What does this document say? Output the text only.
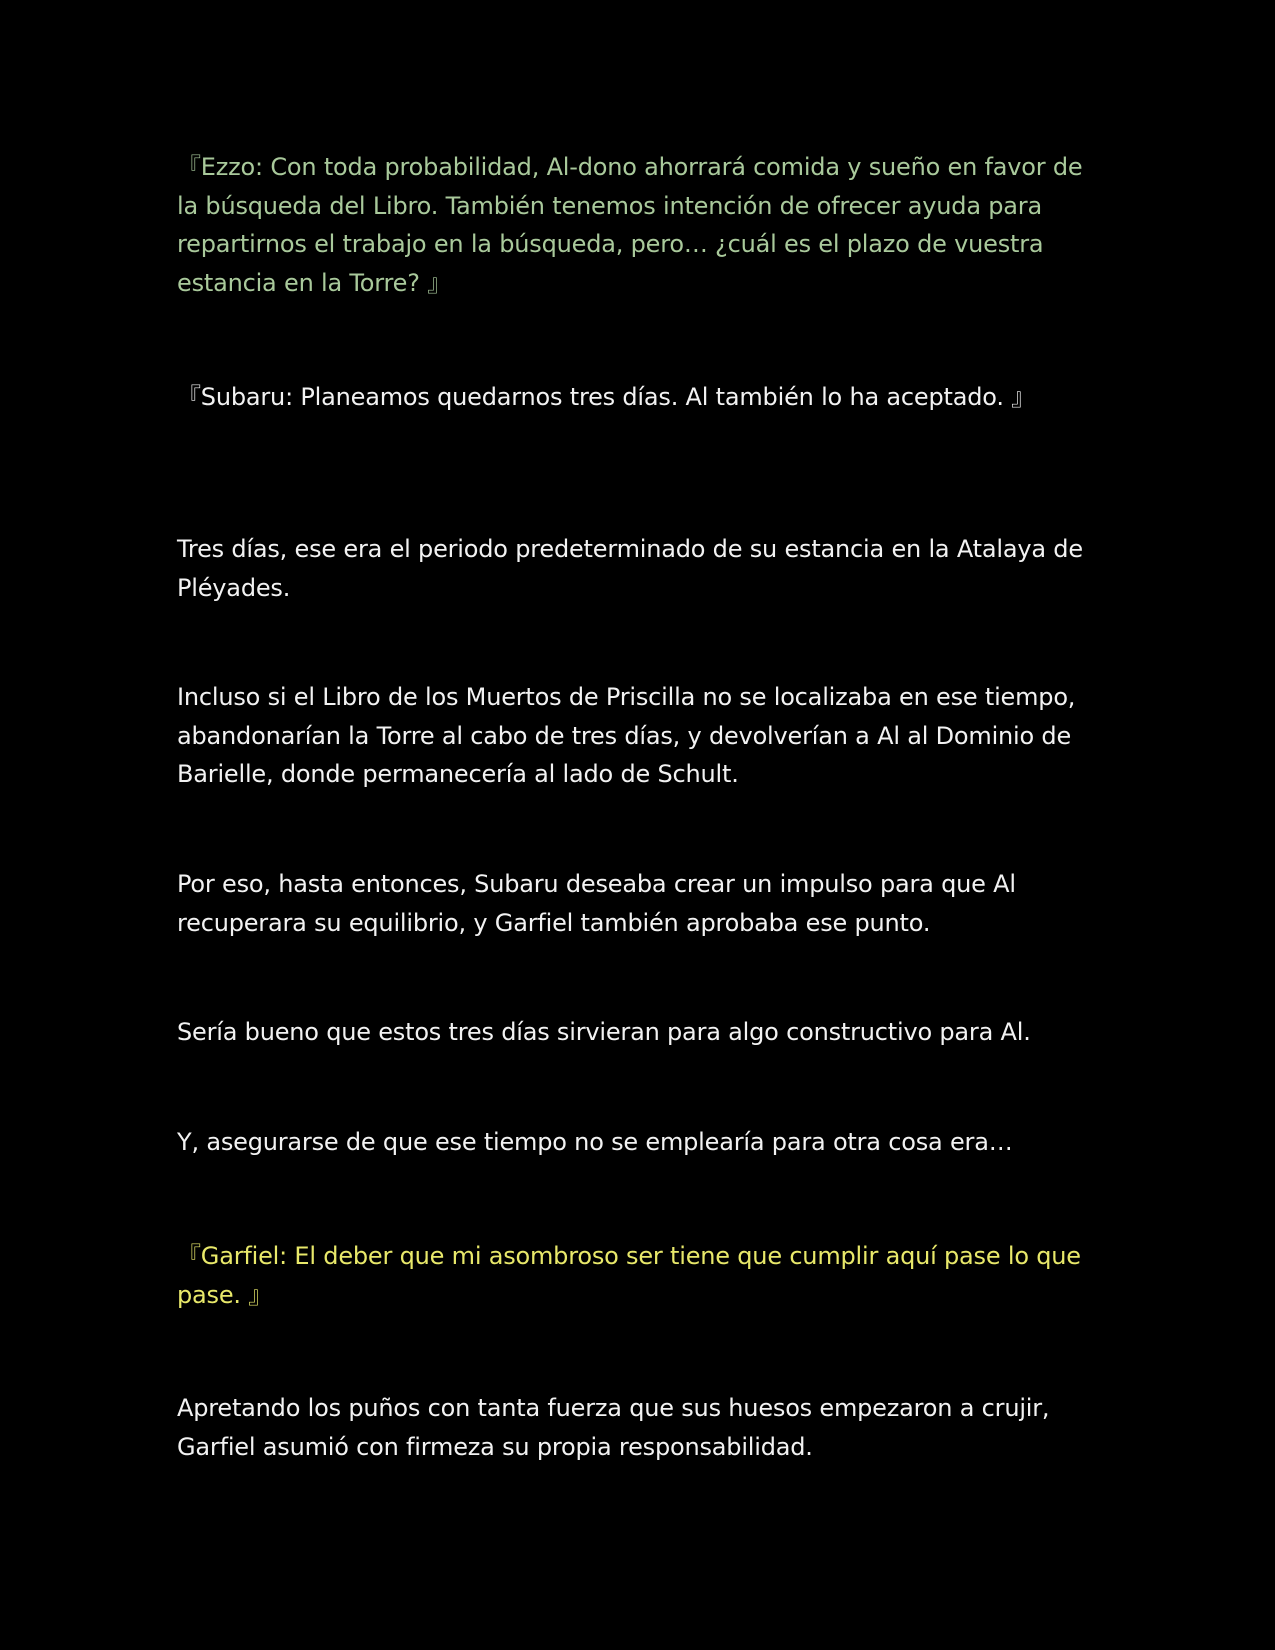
『Ezzo: Con toda probabilidad, Al-dono ahorrará comida y sueño en favor de la búsqueda del Libro. También tenemos intención de ofrecer ayuda para repartirnos el trabajo en la búsqueda, pero… ¿cuál es el plazo de vuestra estancia en la Torre? 』

『Subaru: Planeamos quedarnos tres días. Al también lo ha aceptado. 』

Tres días, ese era el periodo predeterminado de su estancia en la Atalaya de Pléyades.

Incluso si el Libro de los Muertos de Priscilla no se localizaba en ese tiempo, abandonarían la Torre al cabo de tres días, y devolverían a Al al Dominio de Barielle, donde permanecería al lado de Schult.

Por eso, hasta entonces, Subaru deseaba crear un impulso para que Al recuperara su equilibrio, y Garfiel también aprobaba ese punto.

Sería bueno que estos tres días sirvieran para algo constructivo para Al.

Y, asegurarse de que ese tiempo no se emplearía para otra cosa era…

『Garfiel: El deber que mi asombroso ser tiene que cumplir aquí pase lo que pase. 』

Apretando los puños con tanta fuerza que sus huesos empezaron a crujir, Garfiel asumió con firmeza su propia responsabilidad.
